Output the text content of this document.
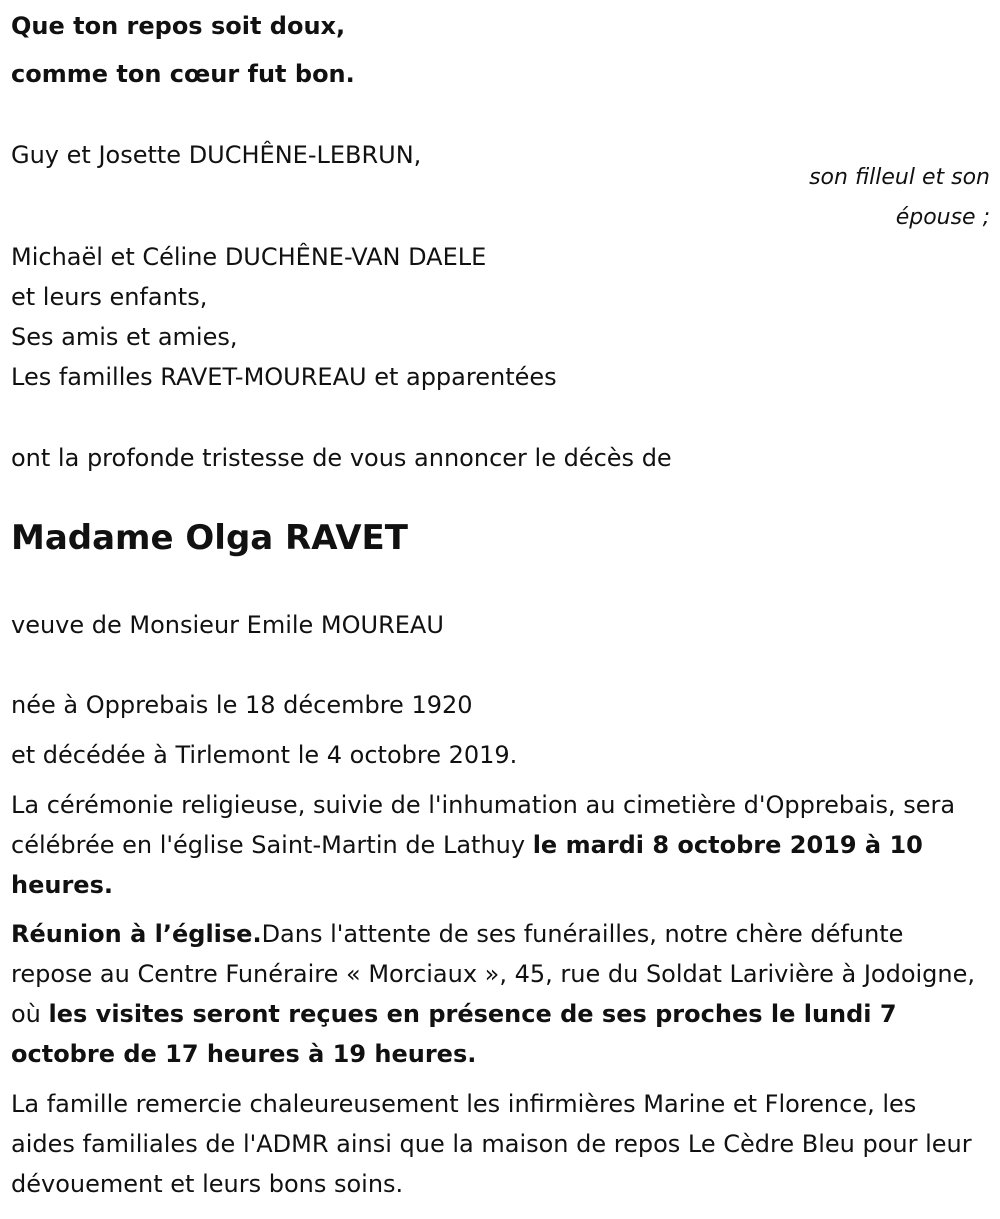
Que ton repos soit doux,
comme ton cœur fut bon.
Guy et Josette DUCHÊNE-LEBRUN,
son filleul et son
épouse ;
Michaël et Céline DUCHÊNE-VAN DAELE
et leurs enfants,
Ses amis et amies,
Les familles RAVET-MOUREAU et apparentées
ont la profonde tristesse de vous annoncer le décès de
Madame Olga RAVET
veuve de Monsieur Emile MOUREAU
née à Opprebais le 18 décembre 1920
et décédée à Tirlemont le 4 octobre 2019.
La cérémonie religieuse, suivie de l'inhumation au cimetière d'Opprebais, sera célébrée en l'église Saint-Martin de Lathuy le mardi 8 octobre 2019 à 10 heures.
Réunion à l’église.Dans l'attente de ses funérailles, notre chère défunte repose au Centre Funéraire « Morciaux », 45, rue du Soldat Larivière à Jodoigne, où les visites seront reçues en présence de ses proches le lundi 7 octobre de 17 heures à 19 heures.
La famille remercie chaleureusement les infirmières Marine et Florence, les aides familiales de l'ADMR ainsi que la maison de repos Le Cèdre Bleu pour leur dévouement et leurs bons soins.
